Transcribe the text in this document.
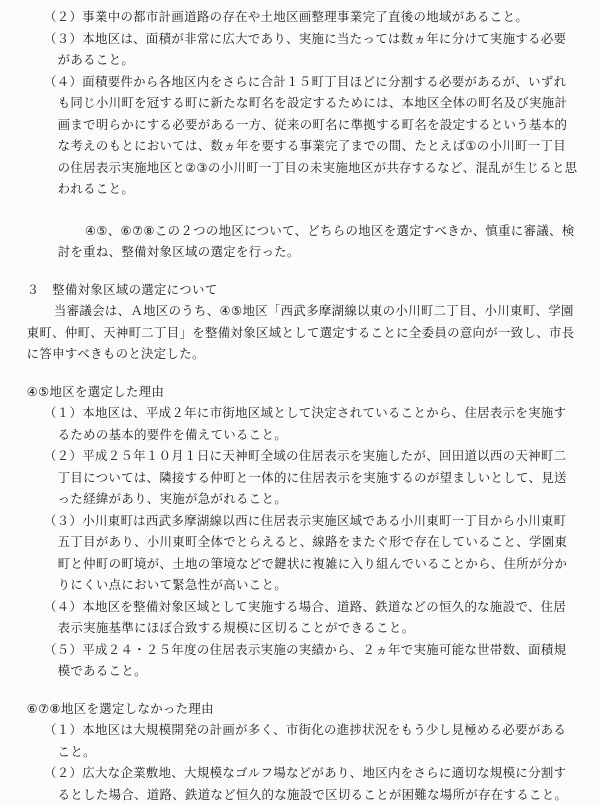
（２）事業中の都市計画道路の存在や土地区画整理事業完了直後の地域があること。

（３）本地区は、面積が非常に広大であり、実施に当たっては数ヵ年に分けて実施する必要があること。

（４）面積要件から各地区内をさらに合計１５町丁目ほどに分割する必要があるが、いずれも同じ小川町を冠する町に新たな町名を設定するためには、本地区全体の町名及び実施計画まで明らかにする必要がある一方、従来の町名に準拠する町名を設定するという基本的な考えのもとにおいては、数ヵ年を要する事業完了までの間、たとえば①の小川町一丁目の住居表示実施地区と②③の小川町一丁目の未実施地区が共存するなど、混乱が生じると思われること。

④⑤、⑥⑦⑧この２つの地区について、どちらの地区を選定すべきか、慎重に審議、検討を重ね、整備対象区域の選定を行った。

３　整備対象区域の選定について

当審議会は、Ａ地区のうち、④⑤地区「西武多摩湖線以東の小川町二丁目、小川東町、学園東町、仲町、天神町二丁目」を整備対象区域として選定することに全委員の意向が一致し、市長に答申すべきものと決定した。

④⑤地区を選定した理由

（１）本地区は、平成２年に市街地区域として決定されていることから、住居表示を実施するための基本的要件を備えていること。

（２）平成２５年１０月１日に天神町全域の住居表示を実施したが、回田道以西の天神町二丁目については、隣接する仲町と一体的に住居表示を実施するのが望ましいとして、見送った経緯があり、実施が急がれること。

（３）小川東町は西武多摩湖線以西に住居表示実施区域である小川東町一丁目から小川東町五丁目があり、小川東町全体でとらえると、線路をまたぐ形で存在していること、学園東町と仲町の町境が、土地の筆境などで鍵状に複雑に入り組んでいることから、住所が分かりにくい点において緊急性が高いこと。

（４）本地区を整備対象区域として実施する場合、道路、鉄道などの恒久的な施設で、住居表示実施基準にほぼ合致する規模に区切ることができること。

（５）平成２４・２５年度の住居表示実施の実績から、２ヵ年で実施可能な世帯数、面積規模であること。

⑥⑦⑧地区を選定しなかった理由

（１）本地区は大規模開発の計画が多く、市街化の進捗状況をもう少し見極める必要があること。

（２）広大な企業敷地、大規模なゴルフ場などがあり、地区内をさらに適切な規模に分割するとした場合、道路、鉄道など恒久的な施設で区切ることが困難な場所が存在すること。
